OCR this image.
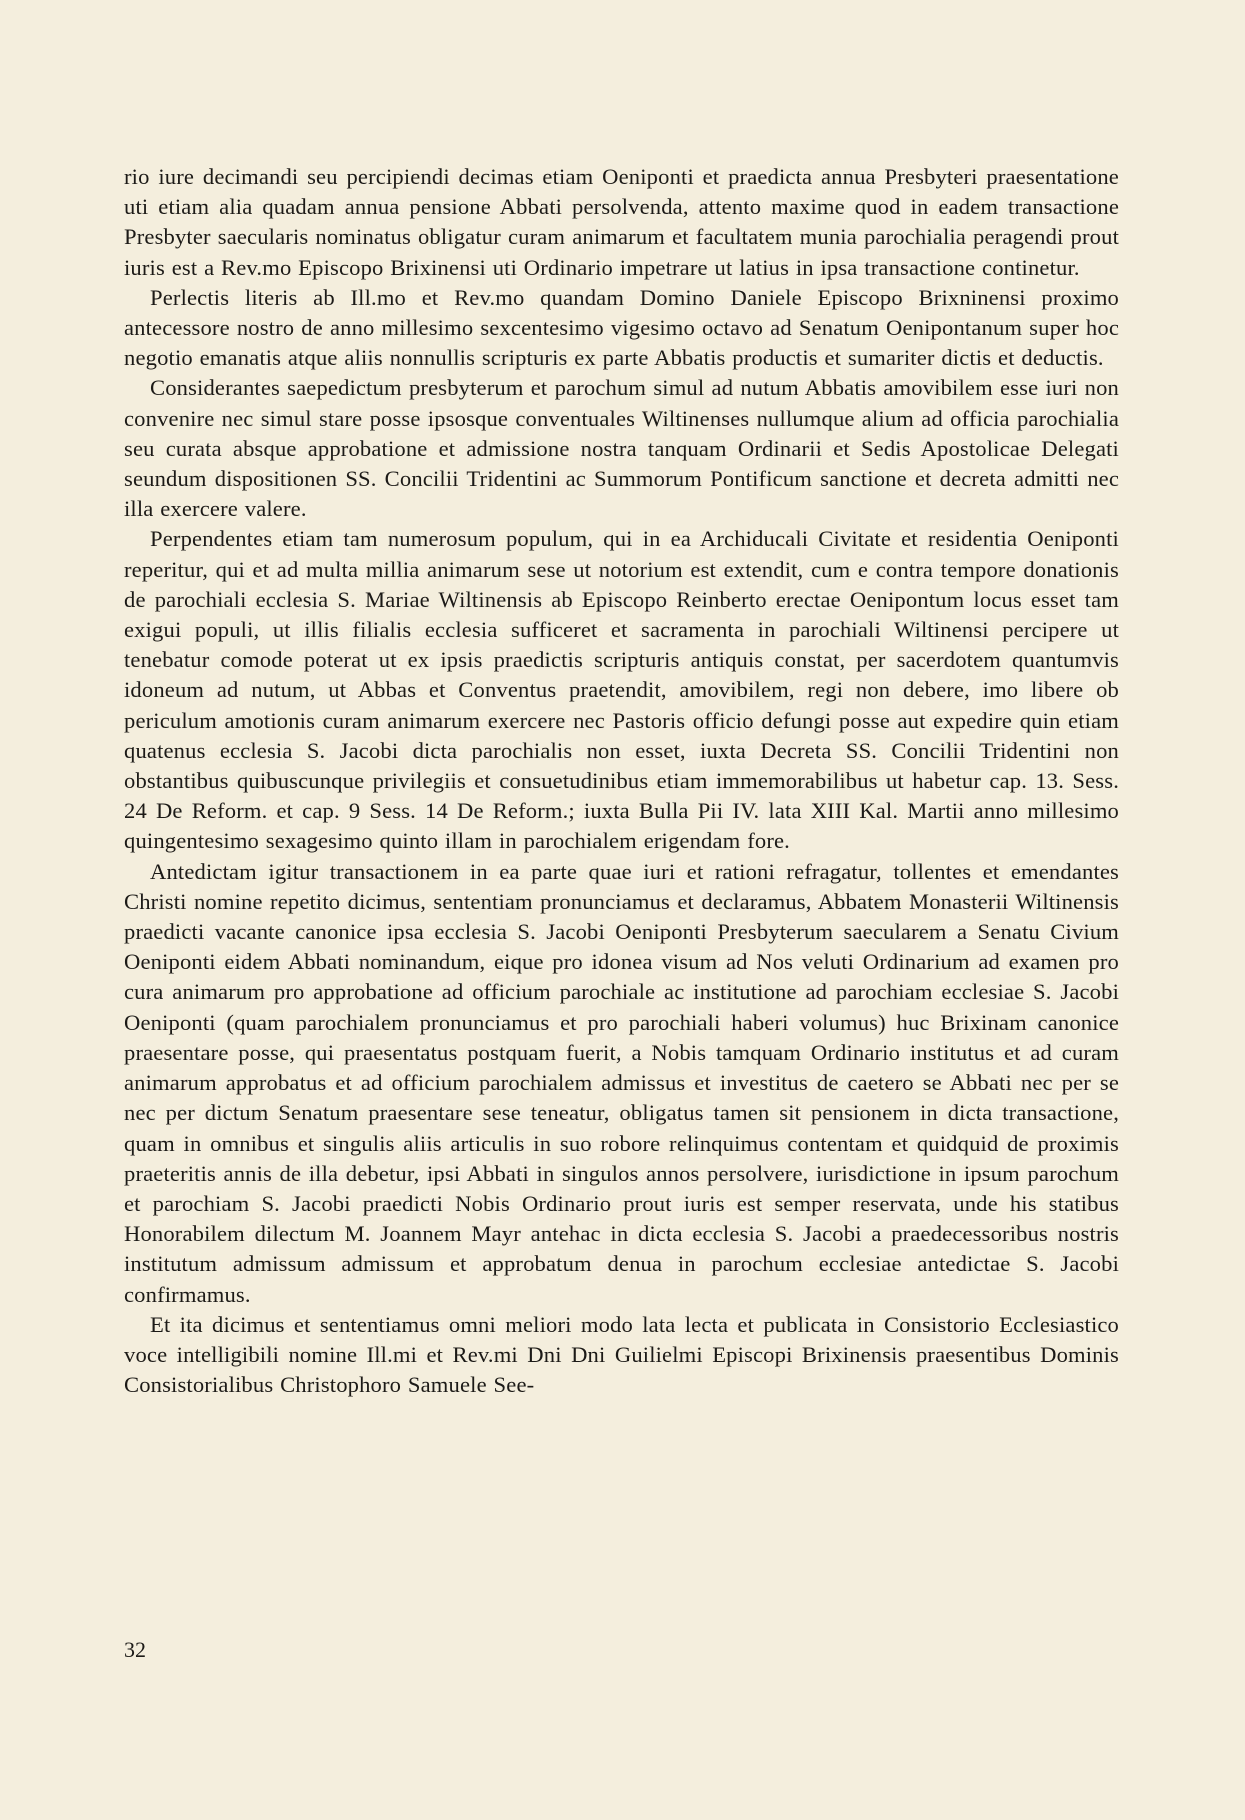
rio iure decimandi seu percipiendi decimas etiam Oeniponti et praedicta annua Presbyteri praesentatione uti etiam alia quadam annua pensione Abbati persolvenda, attento maxime quod in eadem transactione Presbyter saecularis nominatus obligatur curam animarum et facultatem munia parochialia peragendi prout iuris est a Rev.mo Episcopo Brixinensi uti Ordinario impetrare ut latius in ipsa transactione continetur.

Perlectis literis ab Ill.mo et Rev.mo quandam Domino Daniele Episcopo Brixninensi proximo antecessore nostro de anno millesimo sexcentesimo vigesimo octavo ad Senatum Oenipontanum super hoc negotio emanatis atque aliis nonnullis scripturis ex parte Abbatis productis et sumariter dictis et deductis.

Considerantes saepedictum presbyterum et parochum simul ad nutum Abbatis amovibilem esse iuri non convenire nec simul stare posse ipsosque conventuales Wiltinenses nullumque alium ad officia parochialia seu curata absque approbatione et admissione nostra tanquam Ordinarii et Sedis Apostolicae Delegati seundum dispositionen SS. Concilii Tridentini ac Summorum Pontificum sanctione et decreta admitti nec illa exercere valere.

Perpendentes etiam tam numerosum populum, qui in ea Archiducali Civitate et residentia Oeniponti reperitur, qui et ad multa millia animarum sese ut notorium est extendit, cum e contra tempore donationis de parochiali ecclesia S. Mariae Wiltinensis ab Episcopo Reinberto erectae Oenipontum locus esset tam exigui populi, ut illis filialis ecclesia sufficeret et sacramenta in parochiali Wiltinensi percipere ut tenebatur comode poterat ut ex ipsis praedictis scripturis antiquis constat, per sacerdotem quantumvis idoneum ad nutum, ut Abbas et Conventus praetendit, amovibilem, regi non debere, imo libere ob periculum amotionis curam animarum exercere nec Pastoris officio defungi posse aut expedire quin etiam quatenus ecclesia S. Jacobi dicta parochialis non esset, iuxta Decreta SS. Concilii Tridentini non obstantibus quibuscunque privilegiis et consuetudinibus etiam immemorabilibus ut habetur cap. 13. Sess. 24 De Reform. et cap. 9 Sess. 14 De Reform.; iuxta Bulla Pii IV. lata XIII Kal. Martii anno millesimo quingentesimo sexagesimo quinto illam in parochialem erigendam fore.

Antedictam igitur transactionem in ea parte quae iuri et rationi refragatur, tollentes et emendantes Christi nomine repetito dicimus, sententiam pronunciamus et declaramus, Abbatem Monasterii Wiltinensis praedicti vacante canonice ipsa ecclesia S. Jacobi Oeniponti Presbyterum saecularem a Senatu Civium Oeniponti eidem Abbati nominandum, eique pro idonea visum ad Nos veluti Ordinarium ad examen pro cura animarum pro approbatione ad officium parochiale ac institutione ad parochiam ecclesiae S. Jacobi Oeniponti (quam parochialem pronunciamus et pro parochiali haberi volumus) huc Brixinam canonice praesentare posse, qui praesentatus postquam fuerit, a Nobis tamquam Ordinario institutus et ad curam animarum approbatus et ad officium parochialem admissus et investitus de caetero se Abbati nec per se nec per dictum Senatum praesentare sese teneatur, obligatus tamen sit pensionem in dicta transactione, quam in omnibus et singulis aliis articulis in suo robore relinquimus contentam et quidquid de proximis praeteritis annis de illa debetur, ipsi Abbati in singulos annos persolvere, iurisdictione in ipsum parochum et parochiam S. Jacobi praedicti Nobis Ordinario prout iuris est semper reservata, unde his statibus Honorabilem dilectum M. Joannem Mayr antehac in dicta ecclesia S. Jacobi a praedecessoribus nostris institutum admissum admissum et approbatum denua in parochum ecclesiae antedictae S. Jacobi confirmamus.

Et ita dicimus et sententiamus omni meliori modo lata lecta et publicata in Consistorio Ecclesiastico voce intelligibili nomine Ill.mi et Rev.mi Dni Dni Guilielmi Episcopi Brixinensis praesentibus Dominis Consistorialibus Christophoro Samuele See-

32
